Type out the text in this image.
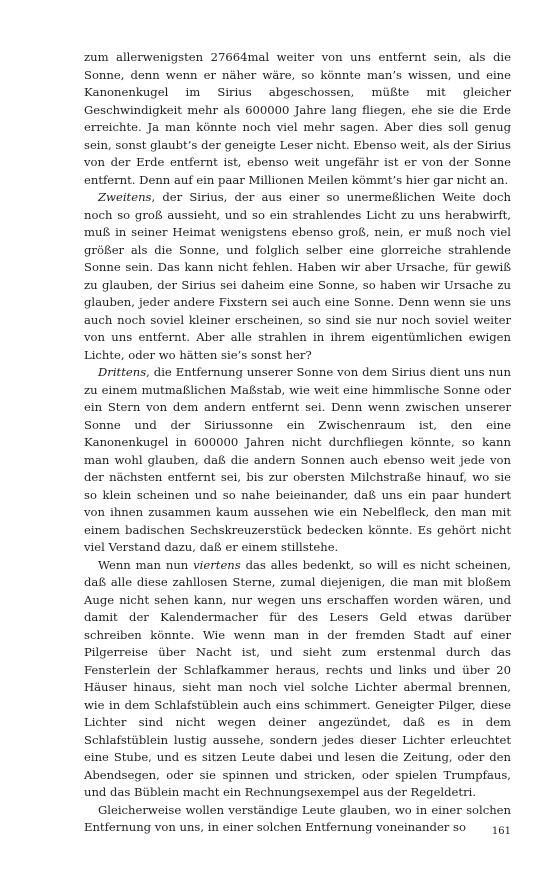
zum allerwenigsten 27664mal weiter von uns entfernt sein, als die Sonne, denn wenn er näher wäre, so könnte man’s wissen, und eine Kanonenkugel im Sirius abgeschossen, müßte mit gleicher Geschwindigkeit mehr als 600000 Jahre lang fliegen, ehe sie die Erde erreichte. Ja man könnte noch viel mehr sagen. Aber dies soll genug sein, sonst glaubt’s der geneigte Leser nicht. Ebenso weit, als der Sirius von der Erde entfernt ist, ebenso weit ungefähr ist er von der Sonne entfernt. Denn auf ein paar Millionen Meilen kömmt’s hier gar nicht an.

Zweitens, der Sirius, der aus einer so unermeßlichen Weite doch noch so groß aussieht, und so ein strahlendes Licht zu uns herabwirft, muß in seiner Heimat wenigstens ebenso groß, nein, er muß noch viel größer als die Sonne, und folglich selber eine glorreiche strahlende Sonne sein. Das kann nicht fehlen. Haben wir aber Ursache, für gewiß zu glauben, der Sirius sei daheim eine Sonne, so haben wir Ursache zu glauben, jeder andere Fixstern sei auch eine Sonne. Denn wenn sie uns auch noch soviel kleiner erscheinen, so sind sie nur noch soviel weiter von uns entfernt. Aber alle strahlen in ihrem eigentümlichen ewigen Lichte, oder wo hätten sie’s sonst her?

Drittens, die Entfernung unserer Sonne von dem Sirius dient uns nun zu einem mutmaßlichen Maßstab, wie weit eine himmlische Sonne oder ein Stern von dem andern entfernt sei. Denn wenn zwischen unserer Sonne und der Siriussonne ein Zwischenraum ist, den eine Kanonenkugel in 600000 Jahren nicht durchfliegen könnte, so kann man wohl glauben, daß die andern Sonnen auch ebenso weit jede von der nächsten entfernt sei, bis zur obersten Milchstraße hinauf, wo sie so klein scheinen und so nahe beieinander, daß uns ein paar hundert von ihnen zusammen kaum aussehen wie ein Nebelfleck, den man mit einem badischen Sechskreuzerstück bedecken könnte. Es gehört nicht viel Verstand dazu, daß er einem stillstehe.

Wenn man nun viertens das alles bedenkt, so will es nicht scheinen, daß alle diese zahllosen Sterne, zumal diejenigen, die man mit bloßem Auge nicht sehen kann, nur wegen uns erschaffen worden wären, und damit der Kalendermacher für des Lesers Geld etwas darüber schreiben könnte. Wie wenn man in der fremden Stadt auf einer Pilgerreise über Nacht ist, und sieht zum erstenmal durch das Fensterlein der Schlafkammer heraus, rechts und links und über 20 Häuser hinaus, sieht man noch viel solche Lichter abermal brennen, wie in dem Schlafstüblein auch eins schimmert. Geneigter Pilger, diese Lichter sind nicht wegen deiner angezündet, daß es in dem Schlafstüblein lustig aussehe, sondern jedes dieser Lichter erleuchtet eine Stube, und es sitzen Leute dabei und lesen die Zeitung, oder den Abendsegen, oder sie spinnen und stricken, oder spielen Trumpfaus, und das Büblein macht ein Rechnungsexempel aus der Regeldetri.

Gleicherweise wollen verständige Leute glauben, wo in einer solchen Entfernung von uns, in einer solchen Entfernung voneinander so	161
